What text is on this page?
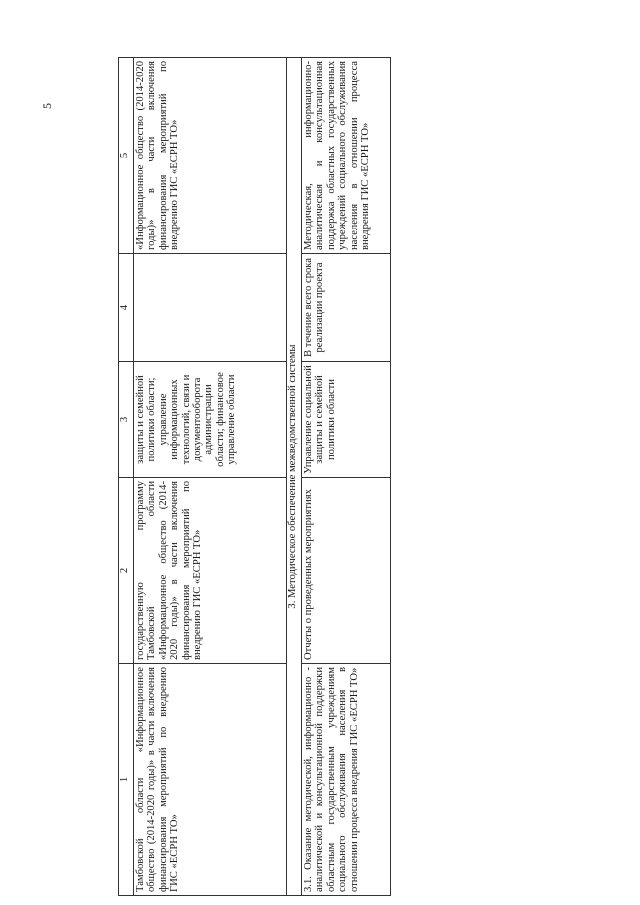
5
1	2	3	4	5
Тамбовской области «Информационное общество (2014-2020 годы)» в части включения финансирования мероприятий по внедрению ГИС «ЕСРН ТО»	государственную программу Тамбовской области «Информационное общество (2014-2020 годы)» в части включения финансирования мероприятий по внедрению ГИС «ЕСРН ТО»	защиты и семейной политики области; управление информационных технологий, связи и документооборота администрации области; финансовое управление области		«Информационное общество (2014-2020 годы)» в части включения финансирования мероприятий по внедрению ГИС «ЕСРН ТО»
3. Методическое обеспечение межведомственной системы				
3.1. Оказание методической, информационно - аналитической и консультационной поддержки областным государственным учреждениям социального обслуживания населения в отношении процесса внедрения ГИС «ЕСРН ТО»	Отчеты о проведенных мероприятиях	Управление социальной защиты и семейной политики области	В течение всего срока реализации проекта	Методическая, информационно-аналитическая и консультационная поддержка областных государственных учреждений социального обслуживания населения в отношении процесса внедрения ГИС «ЕСРН ТО»
